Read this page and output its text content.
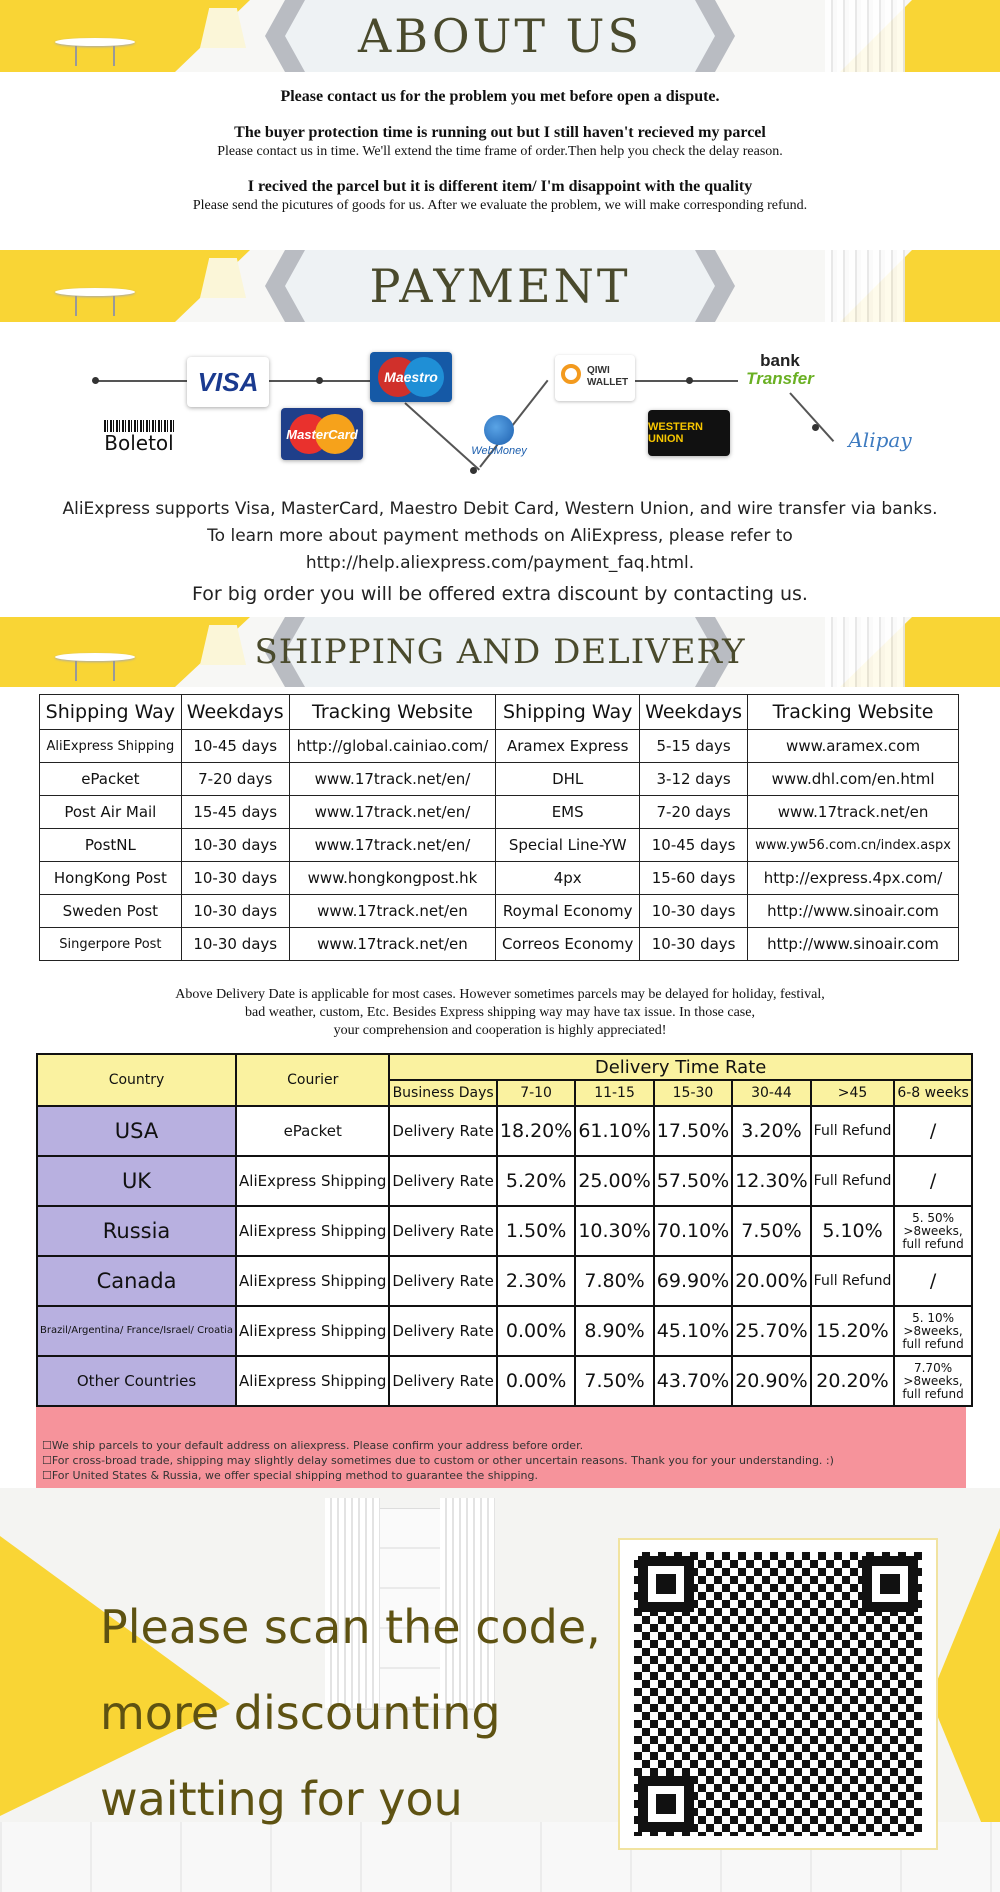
ABOUT US

Please contact us for the problem you met before open a dispute.

The buyer protection time is running out but I still haven't recieved my parcel

Please contact us in time. We'll extend the time frame of order.Then help you check the delay reason.

I recived the parcel but it is different item/ I'm disappoint with the quality

Please send the picutures of goods for us. After we evaluate the problem, we will make corresponding refund.

PAYMENT
VISA	Maestro
MasterCard
Boletol	WebMoney
QIWI WALLET
WESTERN UNION
bank
Transfer
Alipay
AliExpress supports Visa, MasterCard, Maestro Debit Card, Western Union, and wire transfer via banks.
To learn more about payment methods on AliExpress, please refer to
http://help.aliexpress.com/payment_faq.html.
For big order you will be offered extra discount by contacting us.
SHIPPING AND DELIVERY
Shipping Way	Weekdays	Tracking Website	Shipping Way	Weekdays	Tracking Website
AliExpress Shipping	10-45 days	http://global.cainiao.com/	Aramex Express	5-15 days	www.aramex.com
ePacket	7-20 days	www.17track.net/en/	DHL	3-12 days	www.dhl.com/en.html
Post Air Mail	15-45 days	www.17track.net/en/	EMS	7-20 days	www.17track.net/en
PostNL	10-30 days	www.17track.net/en/	Special Line-YW	10-45 days	www.yw56.com.cn/index.aspx
HongKong Post	10-30 days	www.hongkongpost.hk	4px	15-60 days	http://express.4px.com/
Sweden Post	10-30 days	www.17track.net/en	Roymal Economy	10-30 days	http://www.sinoair.com
Singerpore Post	10-30 days	www.17track.net/en	Correos Economy	10-30 days	http://www.sinoair.com
Above Delivery Date is applicable for most cases. However sometimes parcels may be delayed for holiday, festival,
bad weather, custom, Etc. Besides Express shipping way may have tax issue. In those case,
your comprehension and cooperation is highly appreciated!
Country	Courier	Delivery Time Rate						
		Business Days	7-10	11-15	15-30	30-44	>45	6-8 weeks
USA	ePacket	Delivery Rate	18.20%	61.10%	17.50%	3.20%	Full Refund	/
UK	AliExpress Shipping	Delivery Rate	5.20%	25.00%	57.50%	12.30%	Full Refund	/
Russia	AliExpress Shipping	Delivery Rate	1.50%	10.30%	70.10%	7.50%	5.10%	5. 50% >8weeks, full refund
Canada	AliExpress Shipping	Delivery Rate	2.30%	7.80%	69.90%	20.00%	Full Refund	/
Brazil/Argentina/ France/Israel/ Croatia	AliExpress Shipping	Delivery Rate	0.00%	8.90%	45.10%	25.70%	15.20%	5. 10% >8weeks, full refund
Other Countries	AliExpress Shipping	Delivery Rate	0.00%	7.50%	43.70%	20.90%	20.20%	7.70% >8weeks, full refund
☐We ship parcels to your default address on aliexpress. Please confirm your address before order.
☐For cross-broad trade, shipping may slightly delay sometimes due to custom or other uncertain reasons. Thank you for your understanding. :)
☐For United States & Russia, we offer special shipping method to guarantee the shipping.
Please scan the code,
more discounting
waitting for you
